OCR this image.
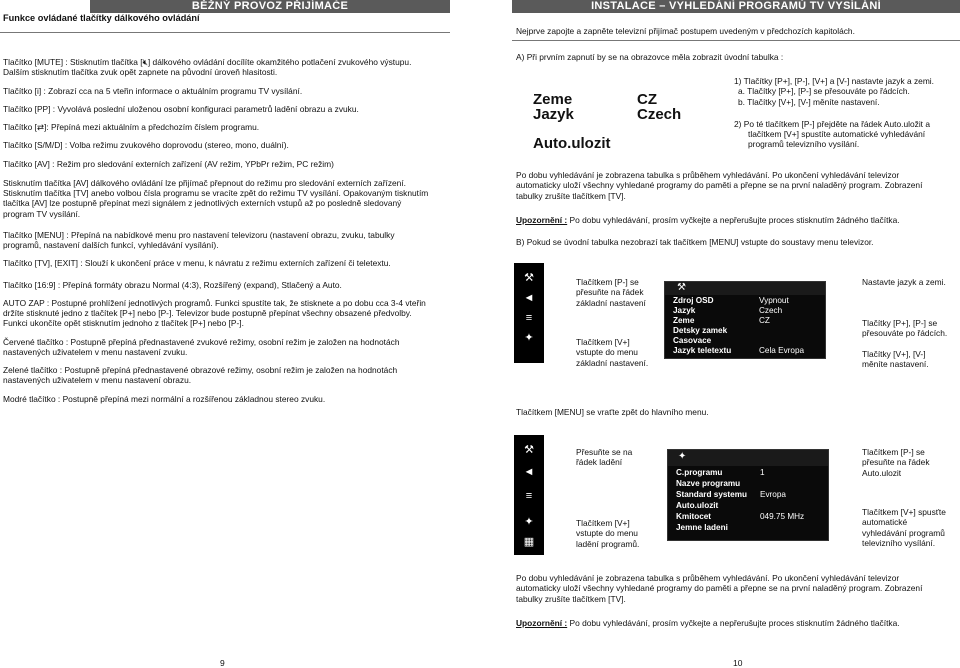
BĚŽNÝ PROVOZ PŘIJÍMAČE
Funkce ovládané tlačítky dálkového ovládání

Tlačítko [MUTE] : Stisknutím tlačítka [🔇︎] dálkového ovládání docílíte okamžitého potlačení zvukového výstupu.

Dalším stisknutím tlačítka zvuk opět zapnete na původní úroveň hlasitosti.

Tlačítko [i] : Zobrazí cca na 5 vteřin informace o aktuálním programu TV vysílání.

Tlačítko [PP] : Vyvolává poslední uloženou osobní konfiguraci parametrů ladění obrazu a zvuku.

Tlačítko [⇄]: Přepíná mezi aktuálním a předchozím číslem programu.

Tlačítko [S/M/D] : Volba režimu zvukového doprovodu (stereo, mono, duální).

Tlačítko [AV] : Režim pro sledování externích zařízení (AV režim, YPbPr režim, PC režim)

Stisknutím tlačítka [AV] dálkového ovládání lze přijímač přepnout do režimu pro sledování externích zařízení.

Stisknutím tlačítka [TV] anebo volbou čísla programu se vracíte zpět do režimu TV vysílání. Opakovaným tisknutím

tlačítka [AV] lze postupně přepínat mezi signálem z jednotlivých externích vstupů až po posledně sledovaný

program TV vysílání.

Tlačítko [MENU] : Přepíná na nabídkové menu pro nastavení televizoru (nastavení obrazu, zvuku, tabulky

programů, nastavení dalších funkcí, vyhledávání vysílání).

Tlačítko [TV], [EXIT] : Slouží k ukončení práce v menu, k návratu z režimu externích zařízení či teletextu.

Tlačítko [16:9] : Přepíná formáty obrazu Normal (4:3), Rozšířený (expand), Stlačený a Auto.

AUTO ZAP : Postupné prohlížení jednotlivých programů. Funkci spustíte tak, že stisknete a po dobu cca 3-4 vteřin

držíte stisknuté jedno z tlačítek [P+] nebo [P-]. Televizor bude postupně přepínat všechny obsazené předvolby.

Funkci ukončíte opět stisknutím jednoho z tlačítek [P+] nebo [P-].

Červené tlačítko : Postupně přepíná přednastavené zvukové režimy, osobní režim je založen na hodnotách

nastavených uživatelem v menu nastavení zvuku.

Zelené tlačítko : Postupně přepíná přednastavené obrazové režimy, osobní režim je založen na hodnotách

nastavených uživatelem v menu nastavení obrazu.

Modré tlačítko : Postupně přepíná mezi normální a rozšířenou základnou stereo zvuku.

9
INSTALACE – VYHLEDÁNÍ PROGRAMŮ TV VYSÍLÁNÍ
Nejprve zapojte a zapněte televizní přijímač postupem uvedeným v předchozích kapitolách.
A) Při prvním zapnutí by se na obrazovce měla zobrazit úvodní tabulka :
Zeme	CZ
Jazyk	Czech
Auto.ulozit

1) Tlačítky [P+], [P-], [V+] a [V-] nastavte jazyk a zemi.

a. Tlačítky [P+], [P-] se přesouváte po řádcích.

b. Tlačítky [V+], [V-] měníte nastavení.

2) Po té tlačítkem [P-] přejděte na řádek Auto.uložit a

tlačítkem [V+] spustíte automatické vyhledávání

programů televizního vysílání.

Po dobu vyhledávání je zobrazena tabulka s průběhem vyhledávání. Po ukončení vyhledávání televizor

automaticky uloží všechny vyhledané programy do paměti a přepne se na první naladěný program. Zobrazení

tabulky zrušíte tlačítkem [TV].

Upozornění : Po dobu vyhledávání, prosím vyčkejte a nepřerušujte proces stisknutím žádného tlačítka.
B) Pokud se úvodní tabulka nezobrazí tak tlačítkem [MENU] vstupte do soustavy menu televizor.
⚒
◄
≡
✦

Tlačítkem [P-] se

přesuňte na řádek

základní nastavení

Tlačítkem [V+]

vstupte do menu

základní nastavení.

⚒
Zdroj OSD
Jazyk
Zeme
Detsky zamek
Casovace
Jazyk teletextu
Vypnout
Czech
CZ
Cela Evropa
Nastavte jazyk a zemi.

Tlačítky [P+], [P-] se

přesouváte po řádcích.

Tlačítky [V+], [V-]

měníte nastavení.

Tlačítkem [MENU] se vraťte zpět do hlavního menu.
⚒
◄
≡
✦
▦

Přesuňte se na

řádek ladění

Tlačítkem [V+]

vstupte do menu

ladění programů.

✦
C.programu
Nazve programu
Standard systemu
Auto.ulozit
Kmitocet
Jemne ladeni
1
Evropa
049.75 MHz

Tlačítkem [P-] se

přesuňte na řádek

Auto.ulozit

Tlačítkem [V+] spusťte

automatické

vyhledávání programů

televizního vysílání.

Po dobu vyhledávání je zobrazena tabulka s průběhem vyhledávání. Po ukončení vyhledávání televizor

automaticky uloží všechny vyhledané programy do paměti a přepne se na první naladěný program. Zobrazení

tabulky zrušíte tlačítkem [TV].

Upozornění : Po dobu vyhledávání, prosím vyčkejte a nepřerušujte proces stisknutím žádného tlačítka.
10
